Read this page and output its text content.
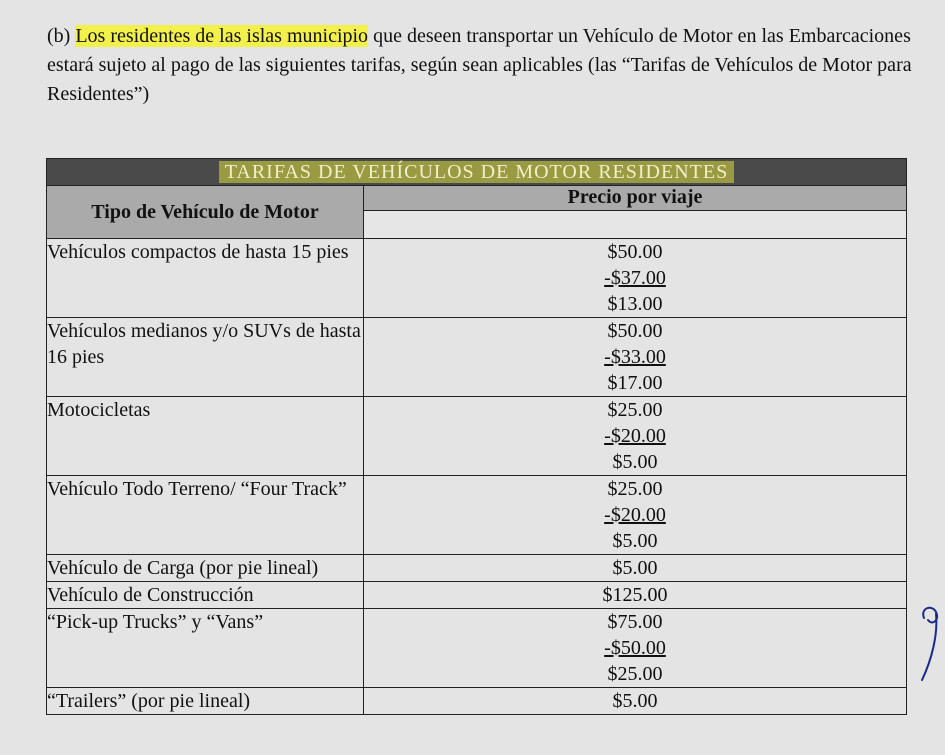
(b) Los residentes de las islas municipio que deseen transportar un Vehículo de Motor en las Embarcaciones estará sujeto al pago de las siguientes tarifas, según sean aplicables (las “Tarifas de Vehículos de Motor para Residentes”)
TARIFAS DE VEHÍCULOS DE MOTOR RESIDENTES	
Tipo de Vehículo de Motor	Precio por viaje

Vehículos compactos de hasta 15 pies	$50.00
-$37.00
$13.00

Vehículos medianos y/o SUVs de hasta 16 pies	$50.00
-$33.00
$17.00

Motocicletas	$25.00
-$20.00
$5.00

Vehículo Todo Terreno/ “Four Track”	$25.00
-$20.00
$5.00

Vehículo de Carga (por pie lineal)	$5.00

Vehículo de Construcción	$125.00

“Pick-up Trucks” y “Vans”	$75.00
-$50.00
$25.00

“Trailers” (por pie lineal)	$5.00
